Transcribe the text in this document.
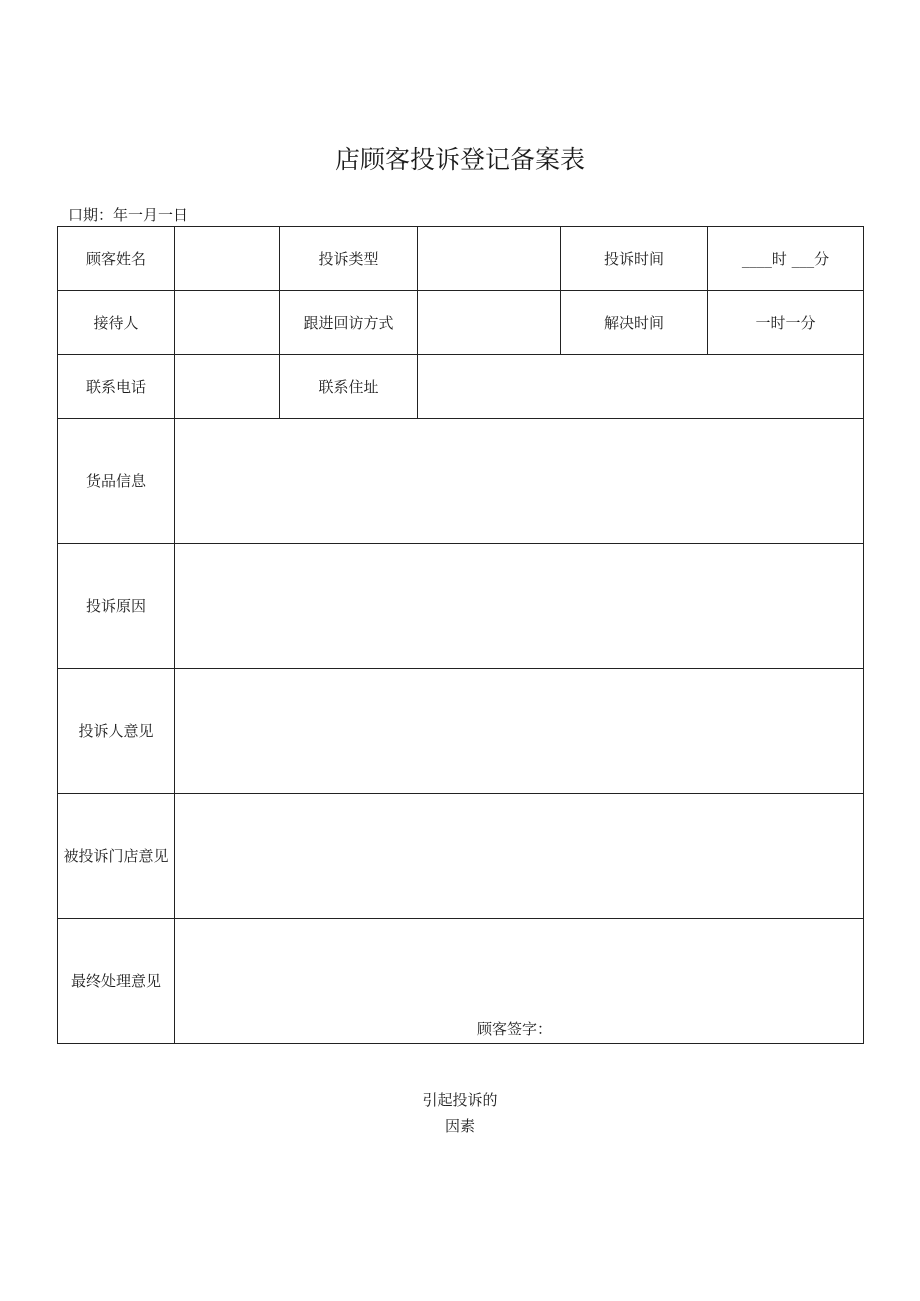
店顾客投诉登记备案表
口期：年一月一日
顾客姓名		投诉类型		投诉时间	____时 ___分
接待人		跟进回访方式		解决时间	一时一分
联系电话		联系住址			
货品信息					
投诉原因					
投诉人意见					
被投诉门店意见					
最终处理意见	顾客签字：				
引起投诉的
因素
